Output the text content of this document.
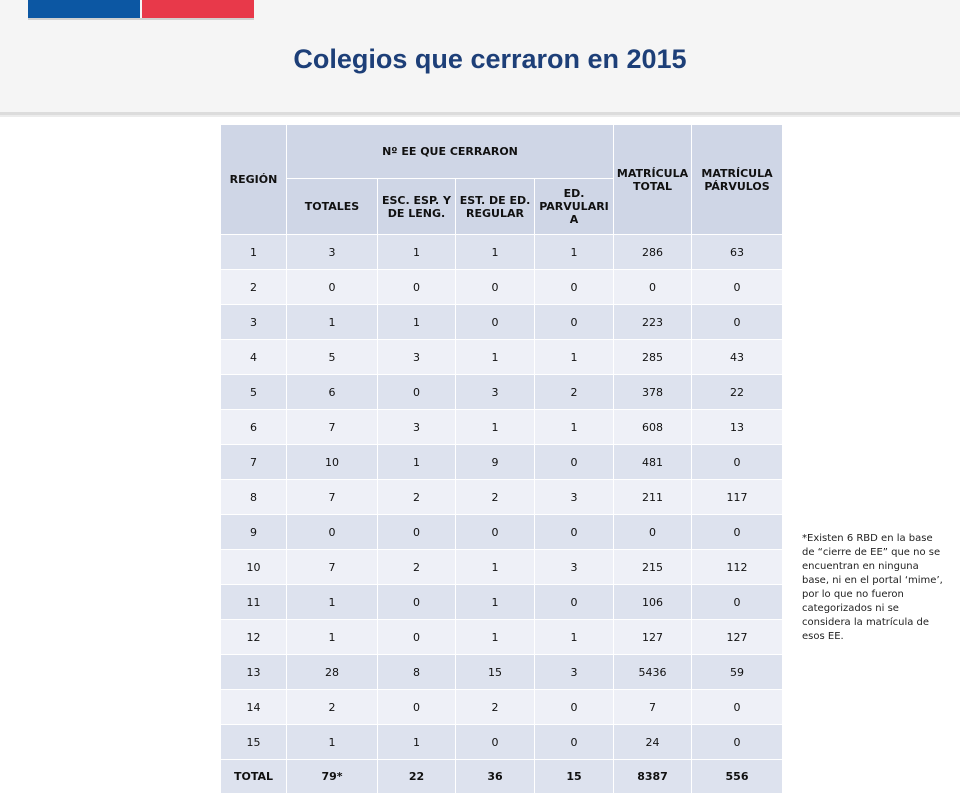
Colegios que cerraron en 2015
REGIÓN	Nº EE QUE CERRARON				MATRÍCULA TOTAL	MATRÍCULA PÁRVULOS
	TOTALES	ESC. ESP. Y DE LENG.	EST. DE ED. REGULAR	ED. PARVULARI A		
1	3	1	1	1	286	63
2	0	0	0	0	0	0
3	1	1	0	0	223	0
4	5	3	1	1	285	43
5	6	0	3	2	378	22
6	7	3	1	1	608	13
7	10	1	9	0	481	0
8	7	2	2	3	211	117
9	0	0	0	0	0	0
10	7	2	1	3	215	112
11	1	0	1	0	106	0
12	1	0	1	1	127	127
13	28	8	15	3	5436	59
14	2	0	2	0	7	0
15	1	1	0	0	24	0
TOTAL	79*	22	36	15	8387	556
*Existen 6 RBD en la base de “cierre de EE” que no se encuentran en ninguna base, ni en el portal ‘mime’, por lo que no fueron categorizados ni se considera la matrícula de esos EE.
